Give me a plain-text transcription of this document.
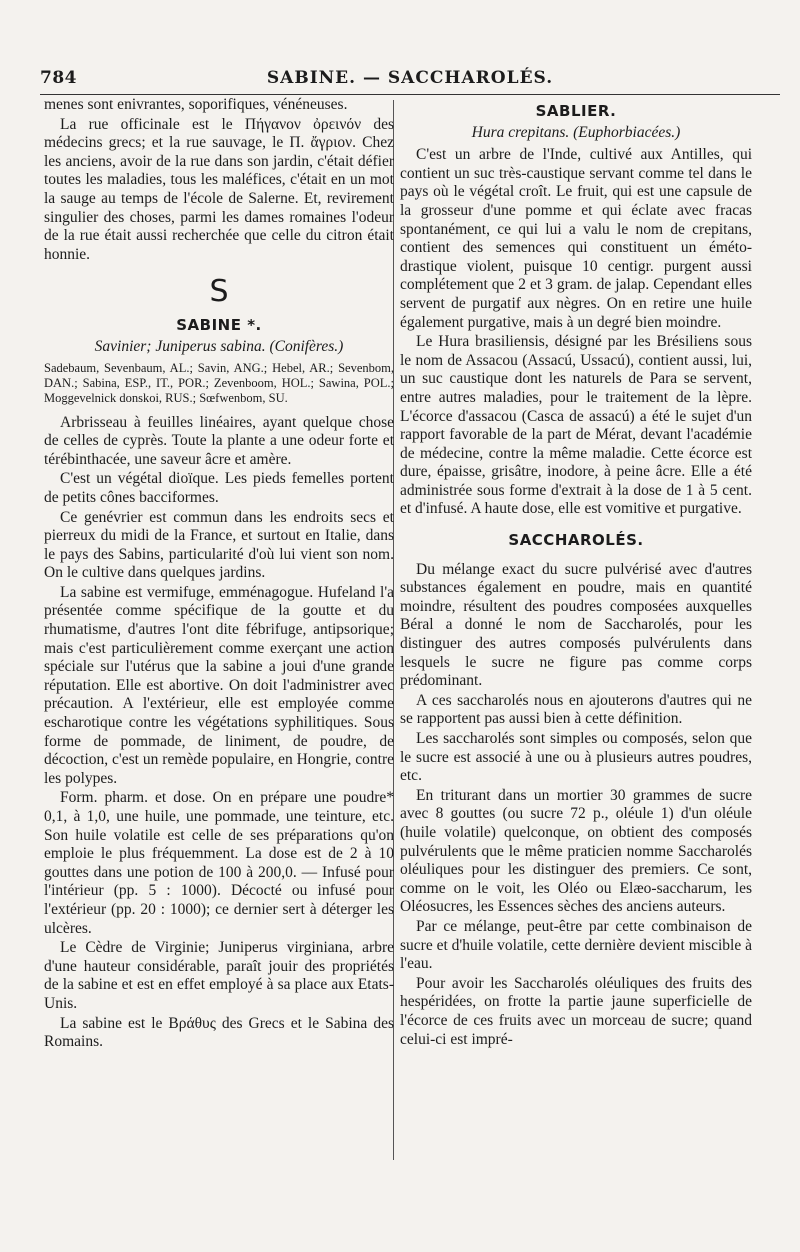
784	SABINE. — SACCHAROLÉS.

menes sont enivrantes, soporifiques, vénéneuses.

La rue officinale est le Πήγανον ὀρεινόν des médecins grecs; et la rue sauvage, le Π. ἄγριον. Chez les anciens, avoir de la rue dans son jardin, c'était défier toutes les maladies, tous les maléfices, c'était en un mot la sauge au temps de l'école de Salerne. Et, revirement singulier des choses, parmi les dames romaines l'odeur de la rue était aussi recherchée que celle du citron était honnie.

S
SABINE *.
Savinier; Juniperus sabina. (Conifères.)

Sadebaum, Sevenbaum, AL.; Savin, ANG.; Hebel, AR.; Sevenbom, DAN.; Sabina, ESP., IT., POR.; Zevenboom, HOL.; Sawina, POL.; Moggevelnick donskoi, RUS.; Sœfwenbom, SU.

Arbrisseau à feuilles linéaires, ayant quelque chose de celles de cyprès. Toute la plante a une odeur forte et térébinthacée, une saveur âcre et amère.

C'est un végétal dioïque. Les pieds femelles portent de petits cônes bacciformes.

Ce genévrier est commun dans les endroits secs et pierreux du midi de la France, et surtout en Italie, dans le pays des Sabins, particularité d'où lui vient son nom. On le cultive dans quelques jardins.

La sabine est vermifuge, emménagogue. Hufeland l'a présentée comme spécifique de la goutte et du rhumatisme, d'autres l'ont dite fébrifuge, antipsorique; mais c'est particulièrement comme exerçant une action spéciale sur l'utérus que la sabine a joui d'une grande réputation. Elle est abortive. On doit l'administrer avec précaution. A l'extérieur, elle est employée comme escharotique contre les végétations syphilitiques. Sous forme de pommade, de liniment, de poudre, de décoction, c'est un remède populaire, en Hongrie, contre les polypes.

Form. pharm. et dose. On en prépare une poudre* 0,1, à 1,0, une huile, une pommade, une teinture, etc. Son huile volatile est celle de ses préparations qu'on emploie le plus fréquemment. La dose est de 2 à 10 gouttes dans une potion de 100 à 200,0. — Infusé pour l'intérieur (pp. 5 : 1000). Décocté ou infusé pour l'extérieur (pp. 20 : 1000); ce dernier sert à déterger les ulcères.

Le Cèdre de Virginie; Juniperus virginiana, arbre d'une hauteur considérable, paraît jouir des propriétés de la sabine et est en effet employé à sa place aux Etats-Unis.

La sabine est le Βράθυς des Grecs et le Sabina des Romains.

SABLIER.
Hura crepitans. (Euphorbiacées.)

C'est un arbre de l'Inde, cultivé aux Antilles, qui contient un suc très-caustique servant comme tel dans le pays où le végétal croît. Le fruit, qui est une capsule de la grosseur d'une pomme et qui éclate avec fracas spontanément, ce qui lui a valu le nom de crepitans, contient des semences qui constituent un éméto-drastique violent, puisque 10 centigr. purgent aussi complétement que 2 et 3 gram. de jalap. Cependant elles servent de purgatif aux nègres. On en retire une huile également purgative, mais à un degré bien moindre.

Le Hura brasiliensis, désigné par les Brésiliens sous le nom de Assacou (Assacú, Ussacú), contient aussi, lui, un suc caustique dont les naturels de Para se servent, entre autres maladies, pour le traitement de la lèpre. L'écorce d'assacou (Casca de assacú) a été le sujet d'un rapport favorable de la part de Mérat, devant l'académie de médecine, contre la même maladie. Cette écorce est dure, épaisse, grisâtre, inodore, à peine âcre. Elle a été administrée sous forme d'extrait à la dose de 1 à 5 cent. et d'infusé. A haute dose, elle est vomitive et purgative.

SACCHAROLÉS.

Du mélange exact du sucre pulvérisé avec d'autres substances également en poudre, mais en quantité moindre, résultent des poudres composées auxquelles Béral a donné le nom de Saccharolés, pour les distinguer des autres composés pulvérulents dans lesquels le sucre ne figure pas comme corps prédominant.

A ces saccharolés nous en ajouterons d'autres qui ne se rapportent pas aussi bien à cette définition.

Les saccharolés sont simples ou composés, selon que le sucre est associé à une ou à plusieurs autres poudres, etc.

En triturant dans un mortier 30 grammes de sucre avec 8 gouttes (ou sucre 72 p., oléule 1) d'un oléule (huile volatile) quelconque, on obtient des composés pulvérulents que le même praticien nomme Saccharolés oléuliques pour les distinguer des premiers. Ce sont, comme on le voit, les Oléo ou Elæo-saccharum, les Oléosucres, les Essences sèches des anciens auteurs.

Par ce mélange, peut-être par cette combinaison de sucre et d'huile volatile, cette dernière devient miscible à l'eau.

Pour avoir les Saccharolés oléuliques des fruits des hespéridées, on frotte la partie jaune superficielle de l'écorce de ces fruits avec un morceau de sucre; quand celui-ci est impré-
